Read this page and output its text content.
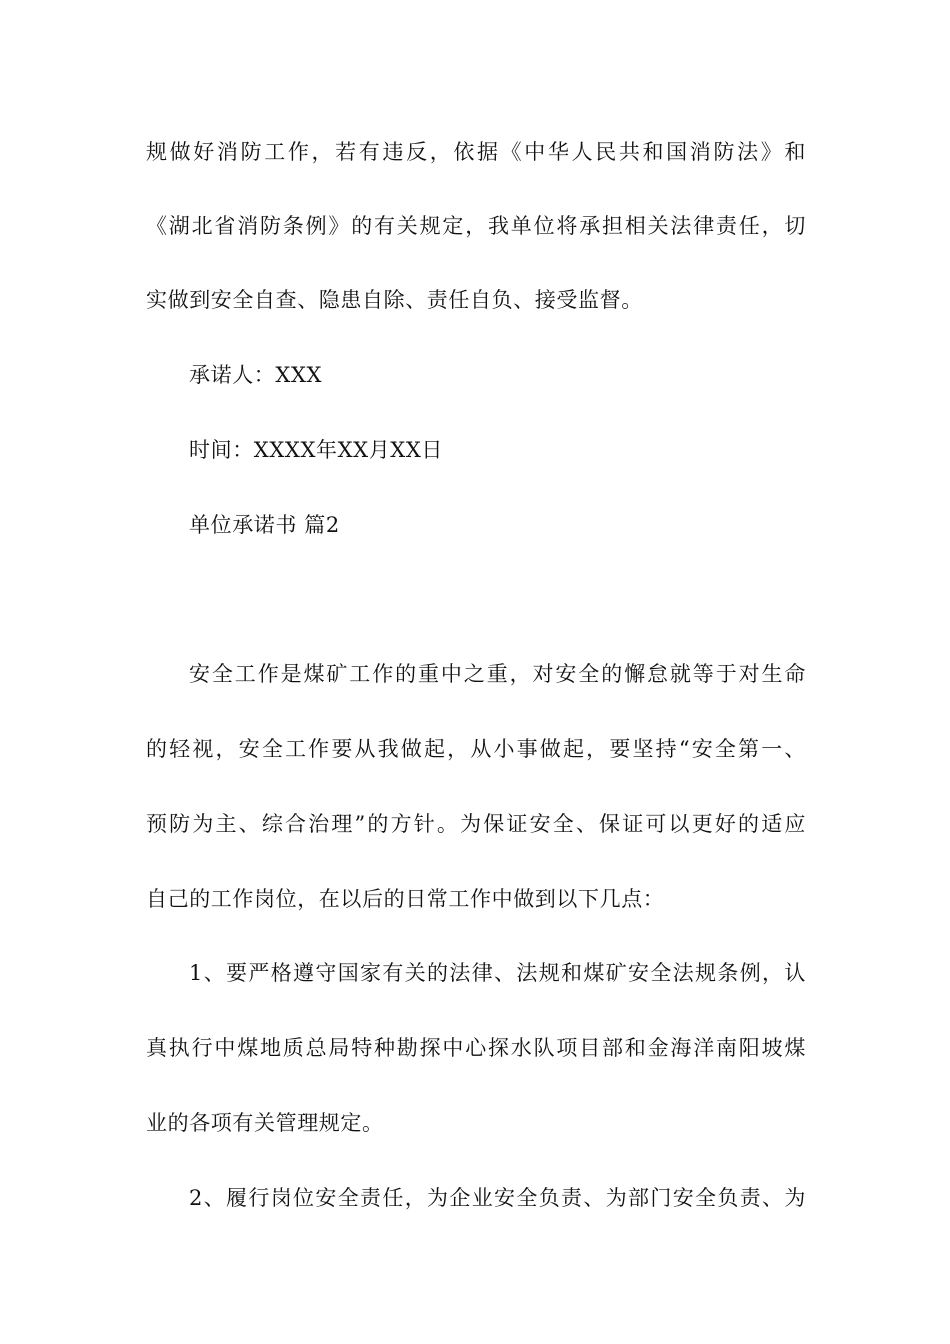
规做好消防工作，若有违反，依据《中华人民共和国消防法》和
《湖北省消防条例》的有关规定，我单位将承担相关法律责任，切
实做到安全自查、隐患自除、责任自负、接受监督。
承诺人：XXX
时间：XXXX年XX月XX日
单位承诺书 篇2
安全工作是煤矿工作的重中之重，对安全的懈怠就等于对生命
的轻视，安全工作要从我做起，从小事做起，要坚持“安全第一、
预防为主、综合治理”的方针。为保证安全、保证可以更好的适应
自己的工作岗位，在以后的日常工作中做到以下几点：
1、要严格遵守国家有关的法律、法规和煤矿安全法规条例，认
真执行中煤地质总局特种勘探中心探水队项目部和金海洋南阳坡煤
业的各项有关管理规定。
2、履行岗位安全责任，为企业安全负责、为部门安全负责、为
